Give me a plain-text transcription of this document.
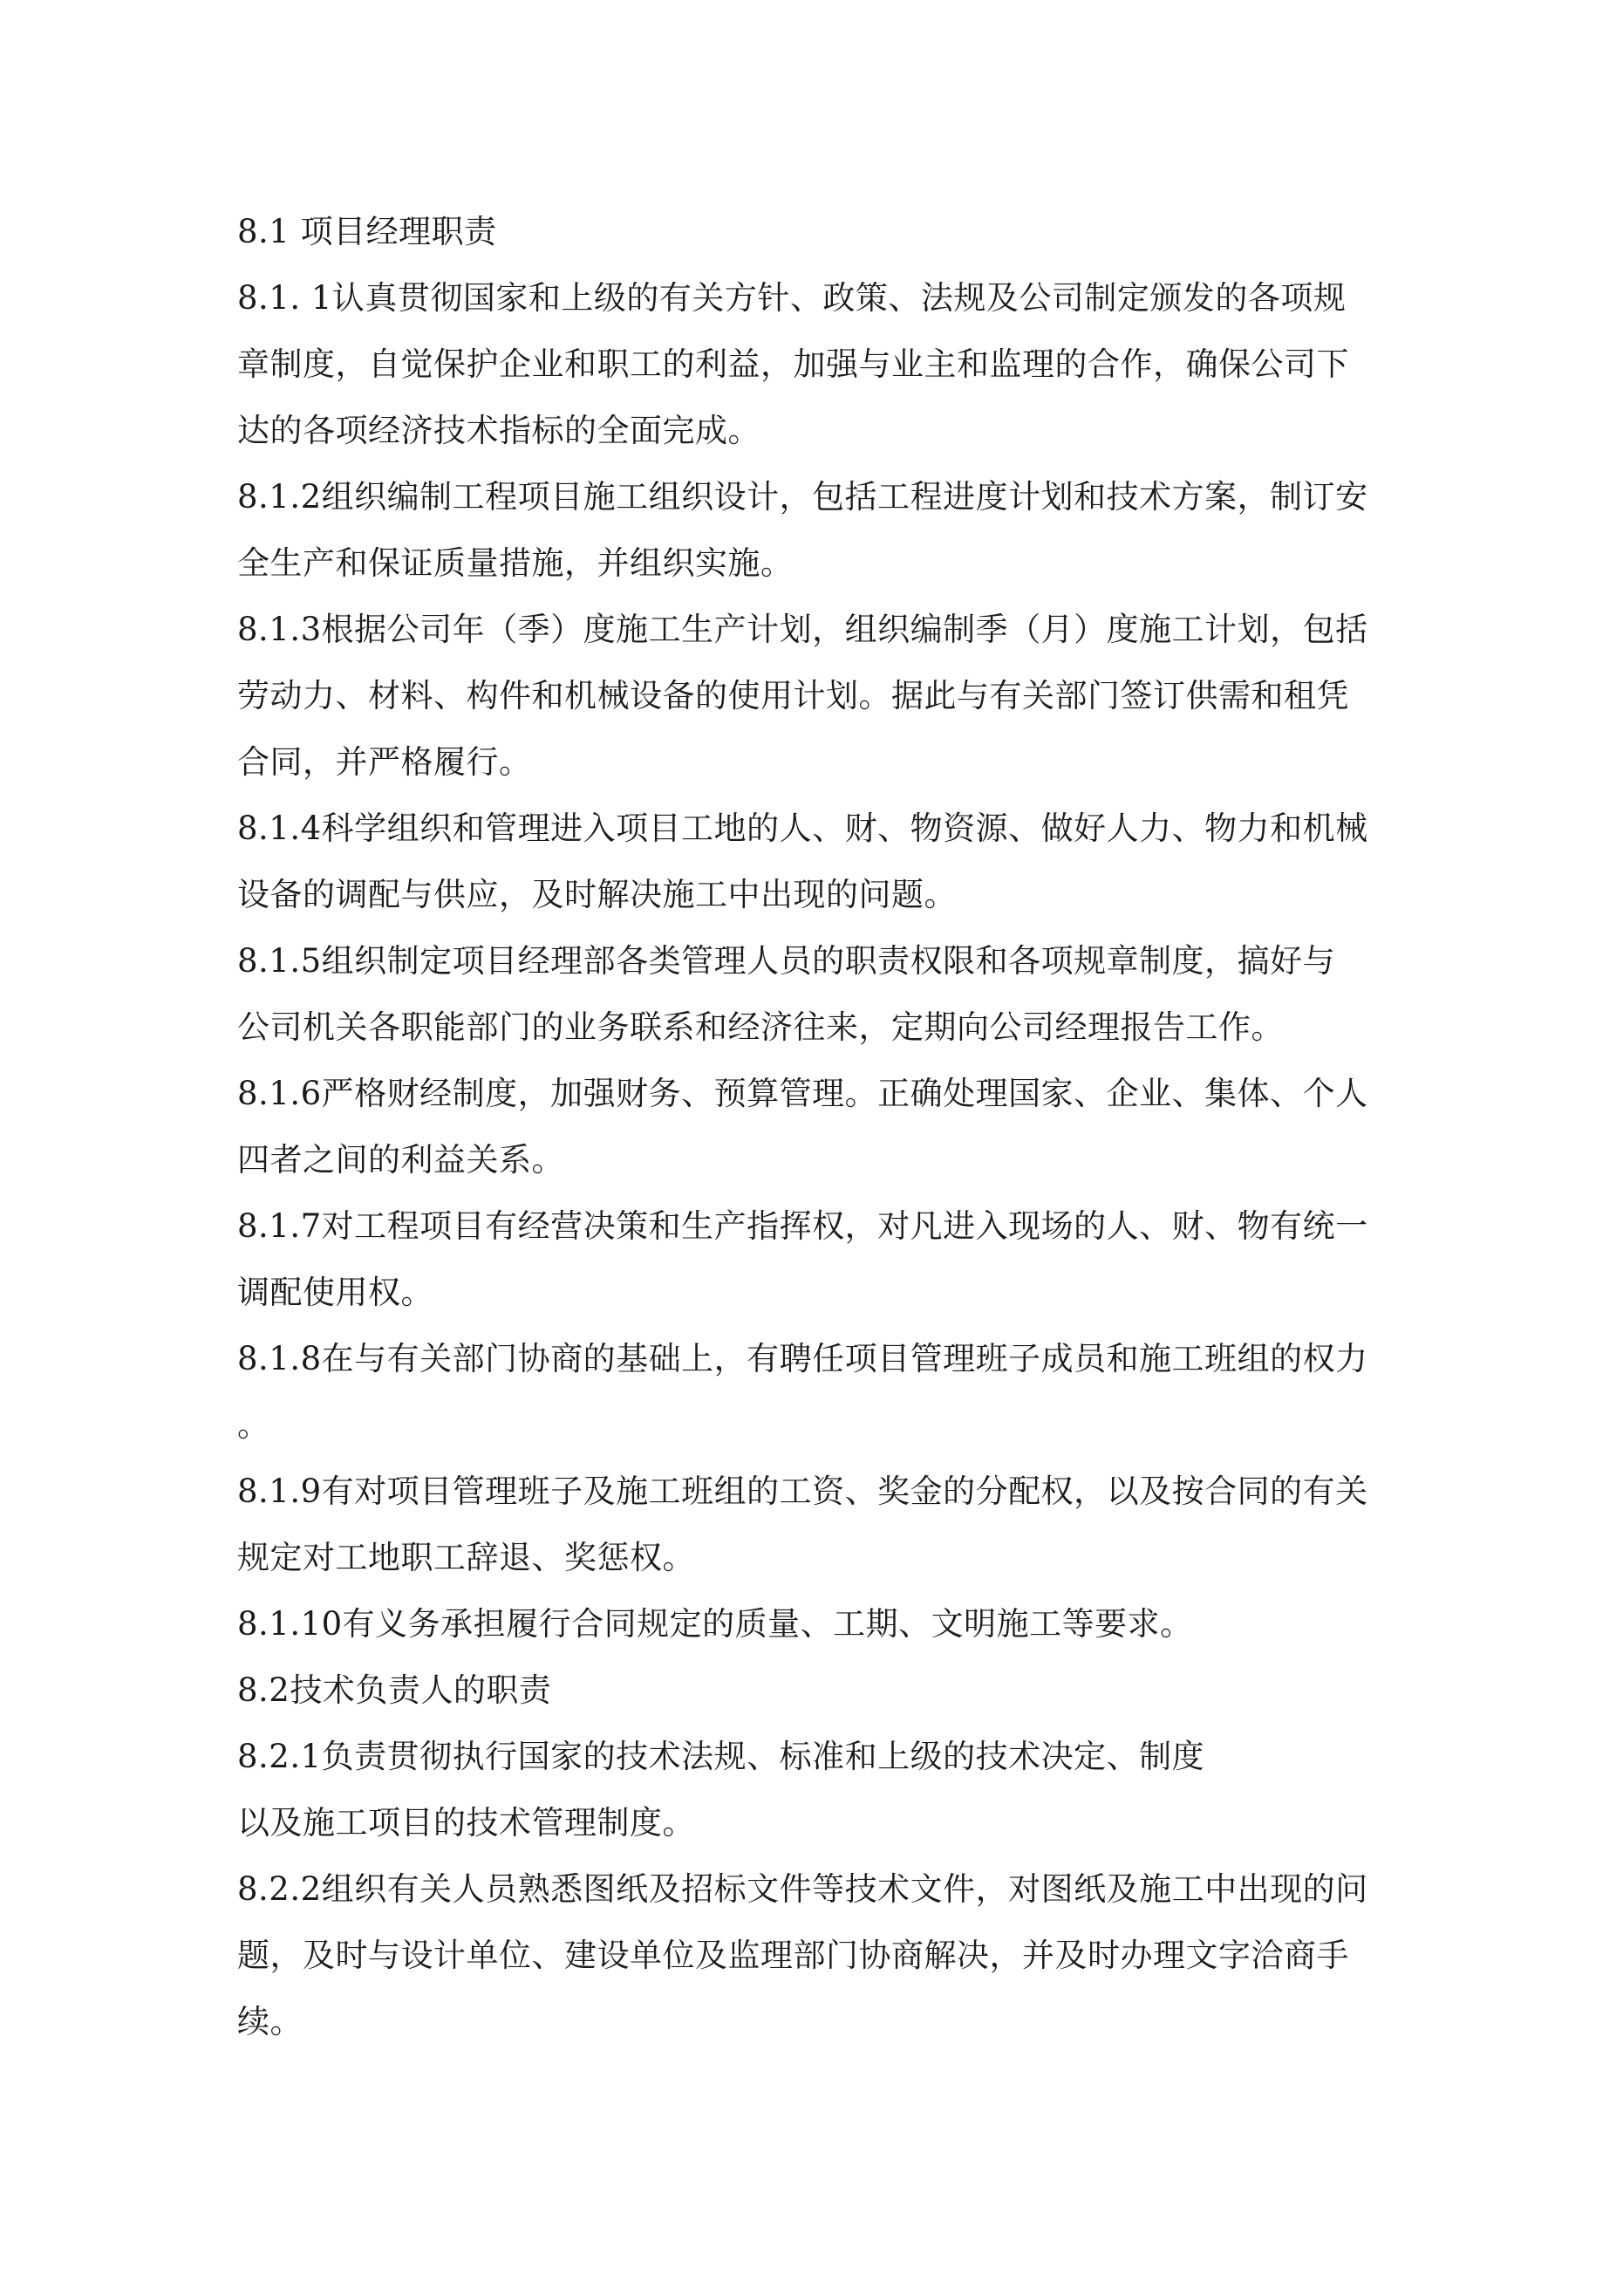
8.1 项目经理职责
8.1. 1认真贯彻国家和上级的有关方针、政策、法规及公司制定颁发的各项规
章制度，自觉保护企业和职工的利益，加强与业主和监理的合作，确保公司下
达的各项经济技术指标的全面完成。
8.1.2组织编制工程项目施工组织设计，包括工程进度计划和技术方案，制订安
全生产和保证质量措施，并组织实施。
8.1.3根据公司年（季）度施工生产计划，组织编制季（月）度施工计划，包括
劳动力、材料、构件和机械设备的使用计划。据此与有关部门签订供需和租凭
合同，并严格履行。
8.1.4科学组织和管理进入项目工地的人、财、物资源、做好人力、物力和机械
设备的调配与供应，及时解决施工中出现的问题。
8.1.5组织制定项目经理部各类管理人员的职责权限和各项规章制度，搞好与
公司机关各职能部门的业务联系和经济往来，定期向公司经理报告工作。
8.1.6严格财经制度，加强财务、预算管理。正确处理国家、企业、集体、个人
四者之间的利益关系。
8.1.7对工程项目有经营决策和生产指挥权，对凡进入现场的人、财、物有统一
调配使用权。
8.1.8在与有关部门协商的基础上，有聘任项目管理班子成员和施工班组的权力
。
8.1.9有对项目管理班子及施工班组的工资、奖金的分配权，以及按合同的有关
规定对工地职工辞退、奖惩权。
8.1.10有义务承担履行合同规定的质量、工期、文明施工等要求。
8.2技术负责人的职责
8.2.1负责贯彻执行国家的技术法规、标准和上级的技术决定、制度
以及施工项目的技术管理制度。
8.2.2组织有关人员熟悉图纸及招标文件等技术文件，对图纸及施工中出现的问
题，及时与设计单位、建设单位及监理部门协商解决，并及时办理文字洽商手
续。
